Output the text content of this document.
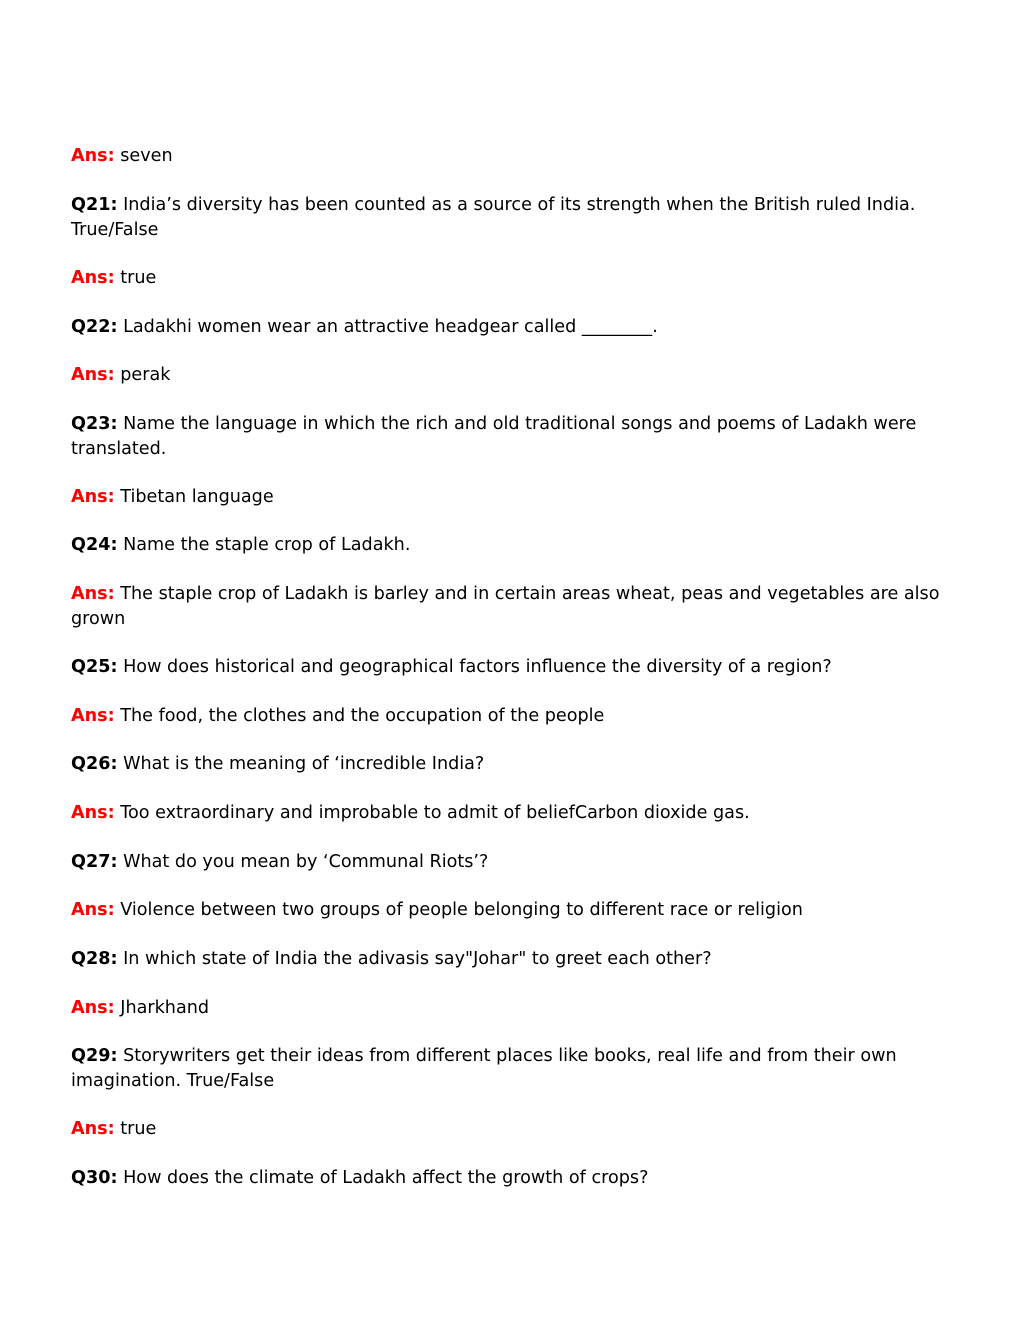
Ans: seven
Q21: India’s diversity has been counted as a source of its strength when the British ruled India. True/False
Ans: true
Q22: Ladakhi women wear an attractive headgear called ________.
Ans: perak
Q23: Name the language in which the rich and old traditional songs and poems of Ladakh were translated.
Ans: Tibetan language
Q24: Name the staple crop of Ladakh.
Ans: The staple crop of Ladakh is barley and in certain areas wheat, peas and vegetables are also grown
Q25: How does historical and geographical factors influence the diversity of a region?
Ans: The food, the clothes and the occupation of the people
Q26: What is the meaning of ‘incredible India?
Ans: Too extraordinary and improbable to admit of beliefCarbon dioxide gas.
Q27: What do you mean by ‘Communal Riots’?
Ans: Violence between two groups of people belonging to different race or religion
Q28: In which state of India the adivasis say"Johar" to greet each other?
Ans: Jharkhand
Q29: Storywriters get their ideas from different places like books, real life and from their own imagination. True/False
Ans: true
Q30: How does the climate of Ladakh affect the growth of crops?
